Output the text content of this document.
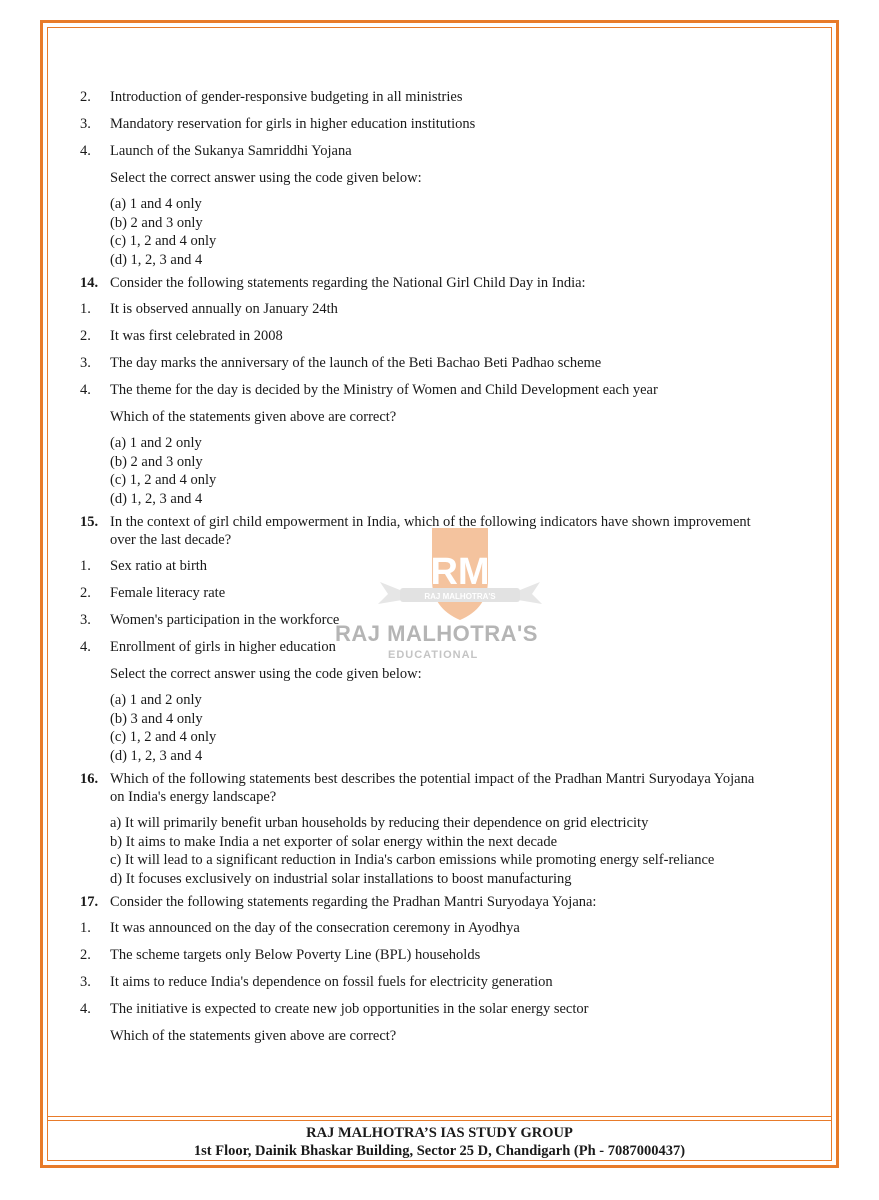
RM
RAJ MALHOTRA'S
RAJ MALHOTRA'S
EDUCATIONAL
2.	Introduction of gender-responsive budgeting in all ministries
3.	Mandatory reservation for girls in higher education institutions
4.	Launch of the Sukanya Samriddhi Yojana
Select the correct answer using the code given below:
(a) 1 and 4 only
(b) 2 and 3 only
(c) 1, 2 and 4 only
(d) 1, 2, 3 and 4
14. Consider the following statements regarding the National Girl Child Day in India:
1.	It is observed annually on January 24th
2.	It was first celebrated in 2008
3.	The day marks the anniversary of the launch of the Beti Bachao Beti Padhao scheme
4.	The theme for the day is decided by the Ministry of Women and Child Development each year
Which of the statements given above are correct?
(a) 1 and 2 only
(b) 2 and 3 only
(c) 1, 2 and 4 only
(d) 1, 2, 3 and 4
15. In the context of girl child empowerment in India, which of the following indicators have shown improvement over the last decade?
1.	Sex ratio at birth
2.	Female literacy rate
3.	Women's participation in the workforce
4.	Enrollment of girls in higher education
Select the correct answer using the code given below:
(a) 1 and 2 only
(b) 3 and 4 only
(c) 1, 2 and 4 only
(d) 1, 2, 3 and 4
16. Which of the following statements best describes the potential impact of the Pradhan Mantri Suryodaya Yojana on India's energy landscape?
a) It will primarily benefit urban households by reducing their dependence on grid electricity
b) It aims to make India a net exporter of solar energy within the next decade
c) It will lead to a significant reduction in India's carbon emissions while promoting energy self-reliance
d) It focuses exclusively on industrial solar installations to boost manufacturing
17. Consider the following statements regarding the Pradhan Mantri Suryodaya Yojana:
1.	It was announced on the day of the consecration ceremony in Ayodhya
2.	The scheme targets only Below Poverty Line (BPL) households
3.	It aims to reduce India's dependence on fossil fuels for electricity generation
4.	The initiative is expected to create new job opportunities in the solar energy sector
Which of the statements given above are correct?
RAJ MALHOTRA’S IAS STUDY GROUP
1st Floor, Dainik Bhaskar Building, Sector 25 D, Chandigarh (Ph - 7087000437)
